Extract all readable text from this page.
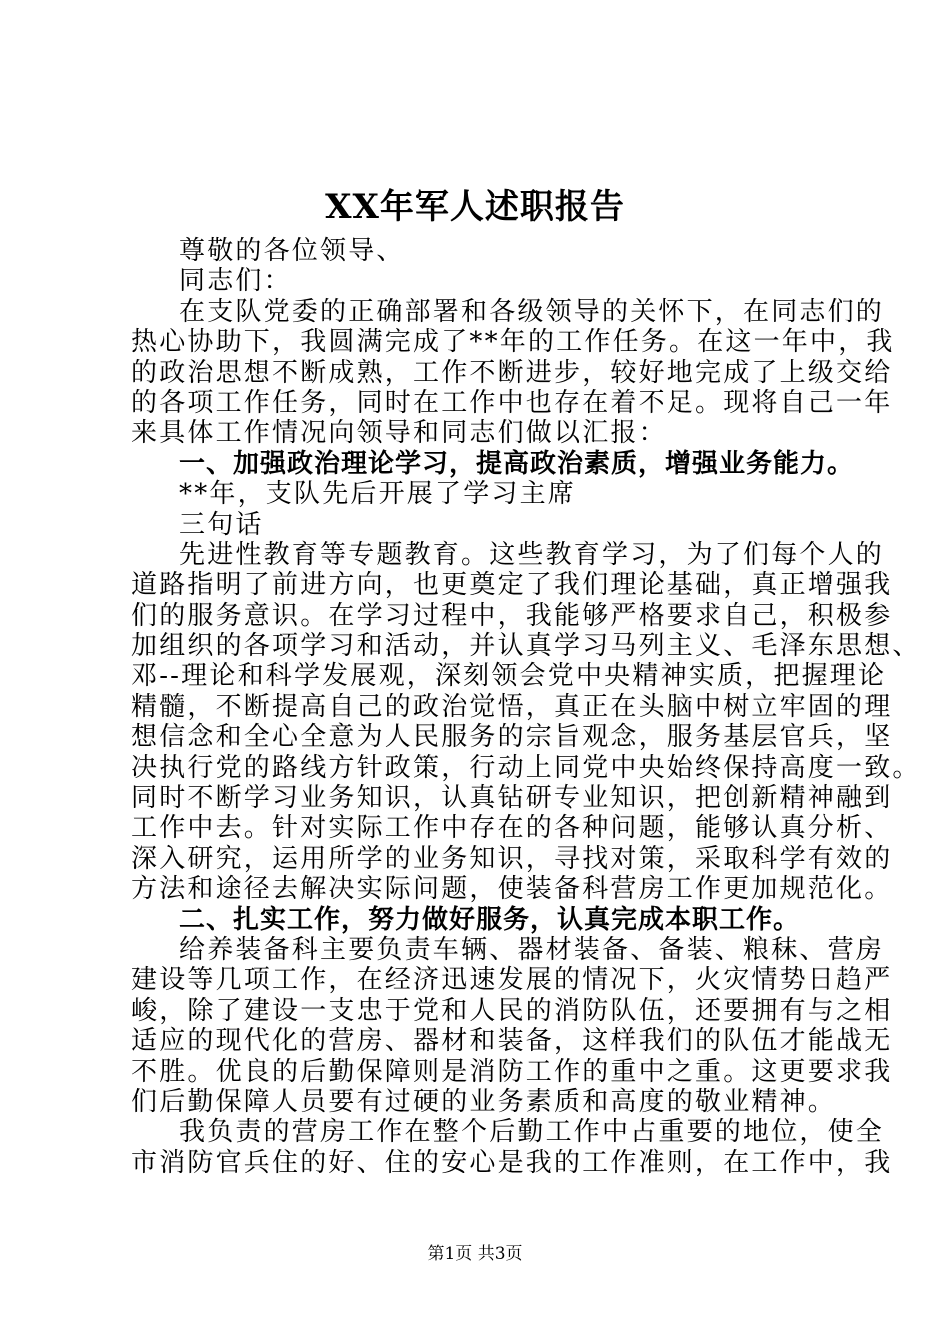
XX年军人述职报告
尊敬的各位领导、
同志们：
在支队党委的正确部署和各级领导的关怀下，在同志们的
热心协助下，我圆满完成了**年的工作任务。在这一年中，我
的政治思想不断成熟，工作不断进步，较好地完成了上级交给
的各项工作任务，同时在工作中也存在着不足。现将自己一年
来具体工作情况向领导和同志们做以汇报：
一、加强政治理论学习，提高政治素质，增强业务能力。
**年，支队先后开展了学习主席
三句话
先进性教育等专题教育。这些教育学习，为了们每个人的
道路指明了前进方向，也更奠定了我们理论基础，真正增强我
们的服务意识。在学习过程中，我能够严格要求自己，积极参
加组织的各项学习和活动，并认真学习马列主义、毛泽东思想、
邓--理论和科学发展观，深刻领会党中央精神实质，把握理论
精髓，不断提高自己的政治觉悟，真正在头脑中树立牢固的理
想信念和全心全意为人民服务的宗旨观念，服务基层官兵，坚
决执行党的路线方针政策，行动上同党中央始终保持高度一致。
同时不断学习业务知识，认真钻研专业知识，把创新精神融到
工作中去。针对实际工作中存在的各种问题，能够认真分析、
深入研究，运用所学的业务知识，寻找对策，采取科学有效的
方法和途径去解决实际问题，使装备科营房工作更加规范化。
二、扎实工作，努力做好服务，认真完成本职工作。
给养装备科主要负责车辆、器材装备、备装、粮秣、营房
建设等几项工作，在经济迅速发展的情况下，火灾情势日趋严
峻，除了建设一支忠于党和人民的消防队伍，还要拥有与之相
适应的现代化的营房、器材和装备，这样我们的队伍才能战无
不胜。优良的后勤保障则是消防工作的重中之重。这更要求我
们后勤保障人员要有过硬的业务素质和高度的敬业精神。
我负责的营房工作在整个后勤工作中占重要的地位，使全
市消防官兵住的好、住的安心是我的工作准则，在工作中，我
第1页 共3页
